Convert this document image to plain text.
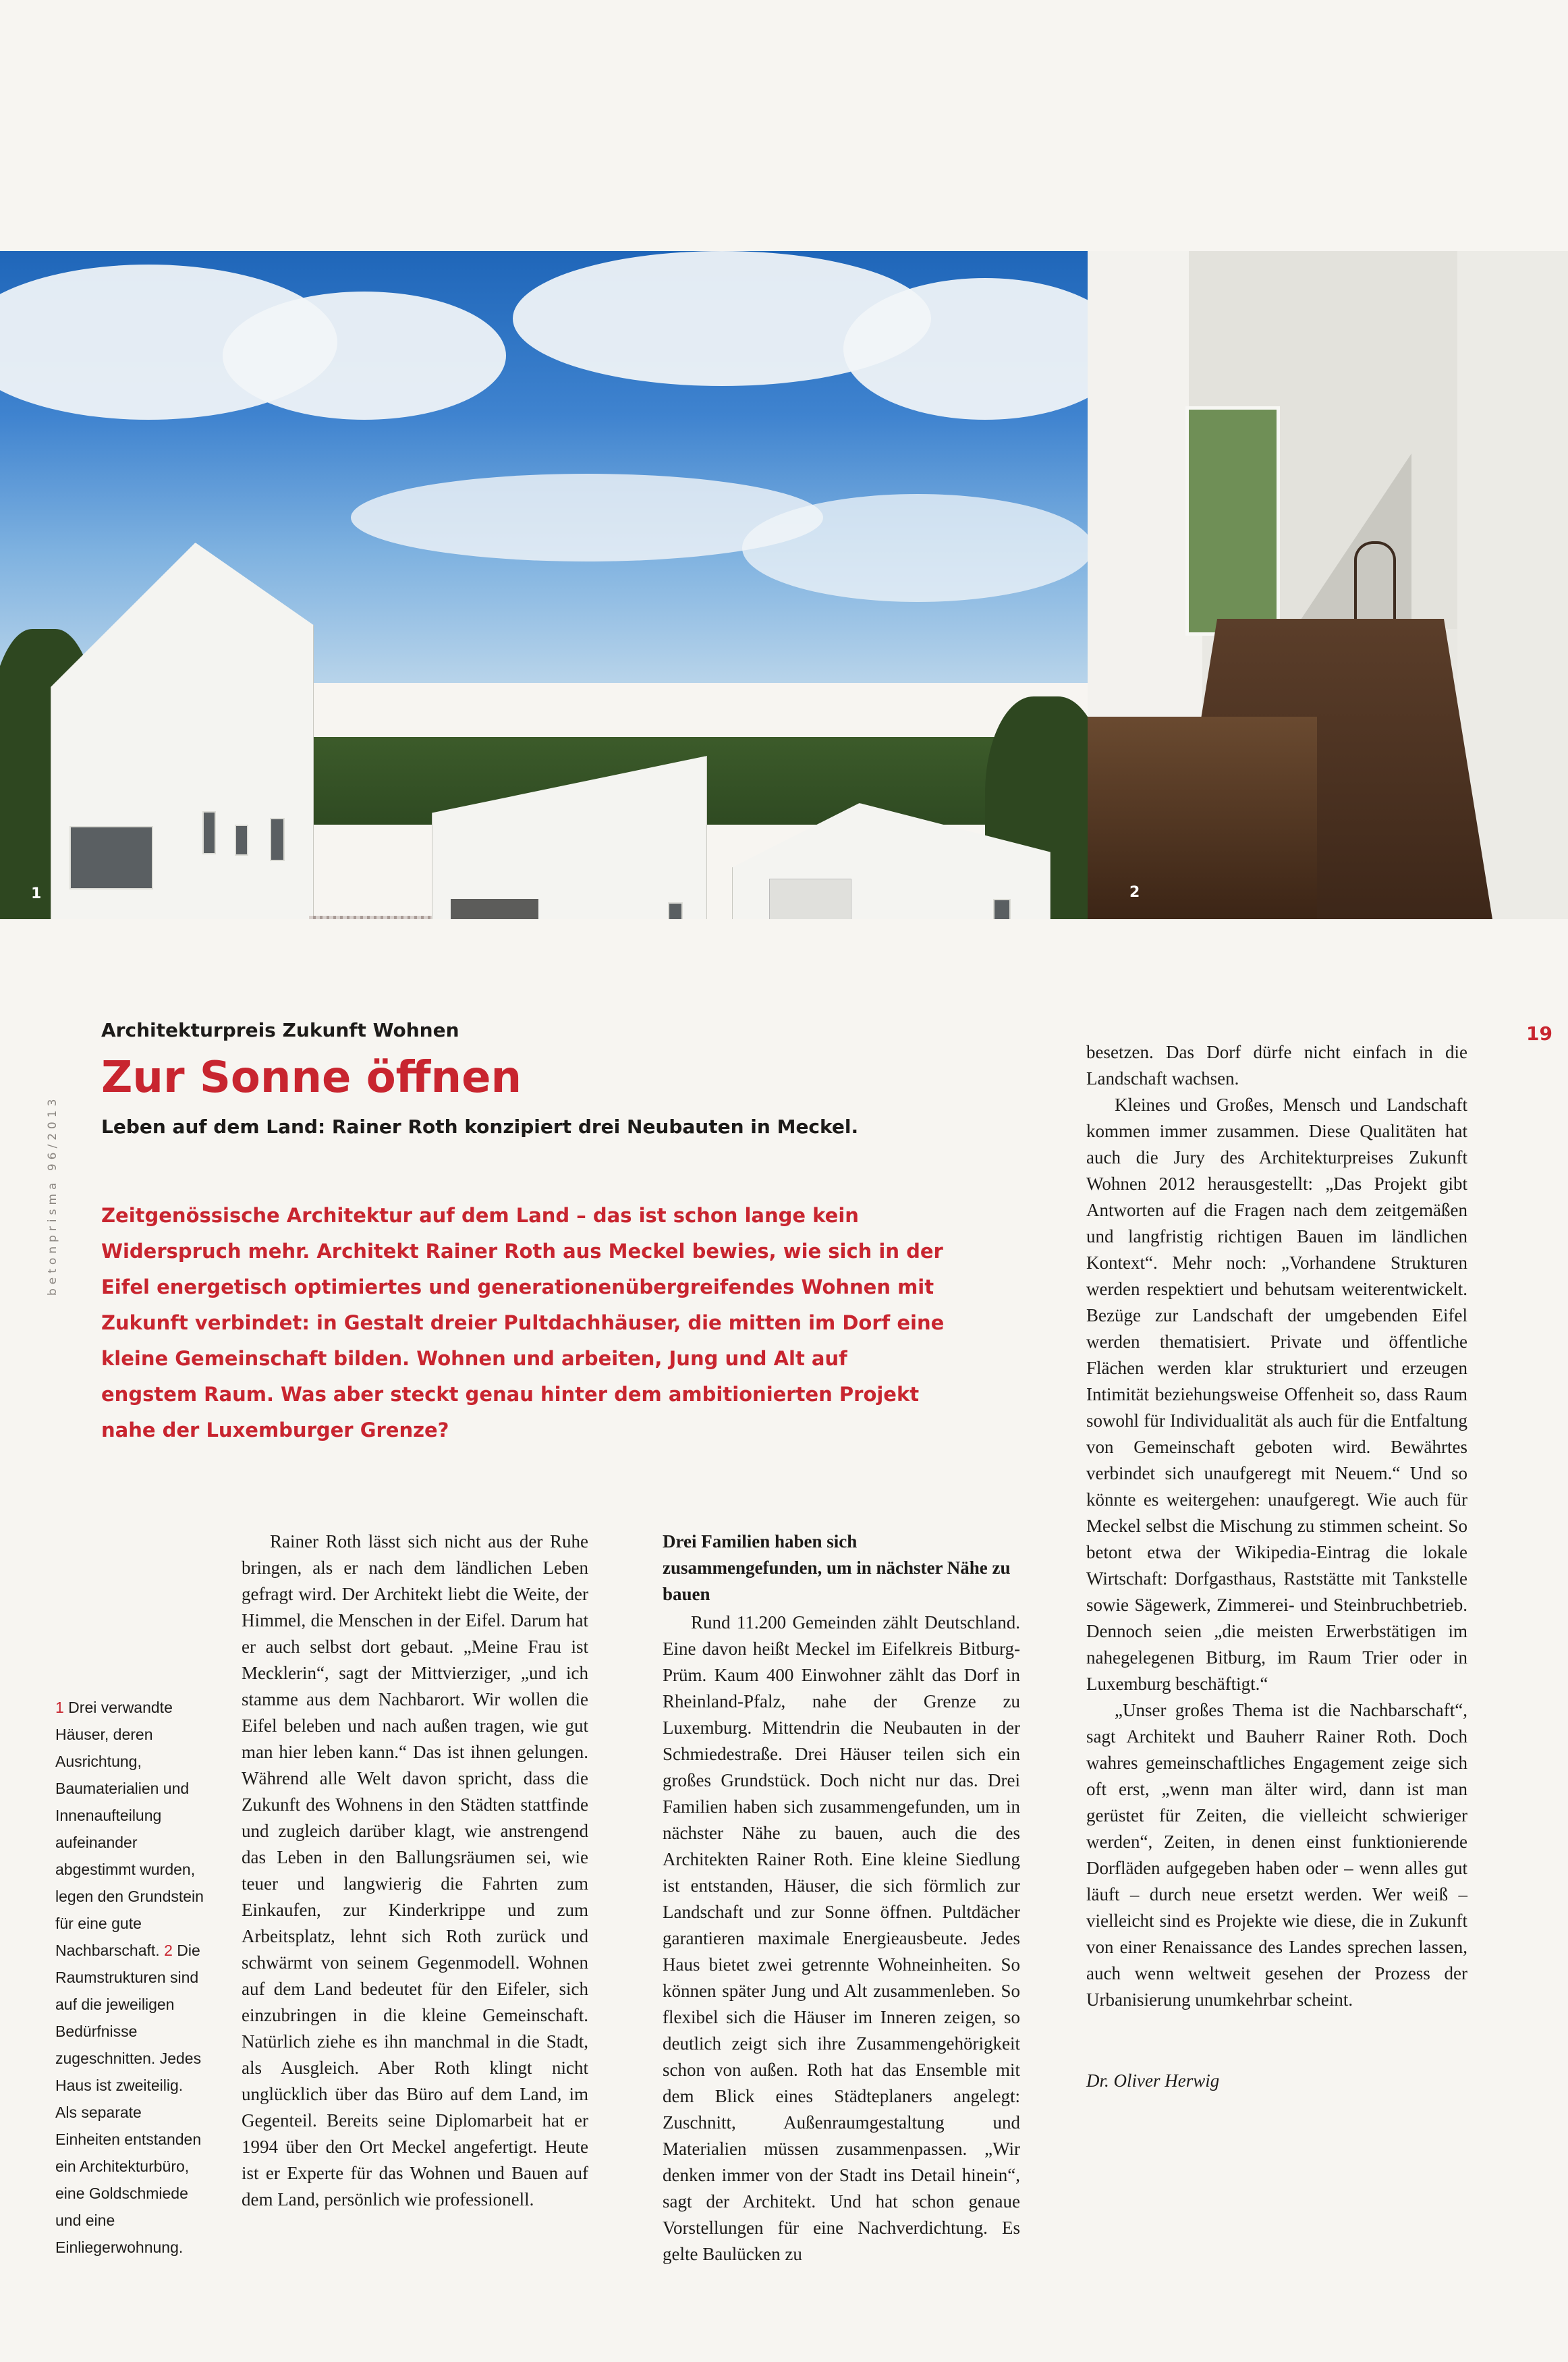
1	2
betonprisma 96/2013
19
Architekturpreis Zukunft Wohnen
Zur Sonne öffnen
Leben auf dem Land: Rainer Roth konzipiert drei Neubauten in Meckel.

Zeitgenössische Architektur auf dem Land – das ist schon lange kein Widerspruch mehr. Architekt Rainer Roth aus Meckel bewies, wie sich in der Eifel energetisch optimiertes und generationenübergreifendes Wohnen mit Zukunft verbindet: in Gestalt dreier Pultdachhäuser, die mitten im Dorf eine kleine Gemeinschaft bilden. Wohnen und arbeiten, Jung und Alt auf engstem Raum. Was aber steckt genau hinter dem ambitionierten Projekt nahe der Luxemburger Grenze?

1 Drei verwandte Häuser, deren Ausrichtung, Baumaterialien und Innenaufteilung aufeinander abgestimmt wurden, legen den Grundstein für eine gute Nachbarschaft. 2 Die Raumstrukturen sind auf die jeweiligen Bedürfnisse zugeschnitten. Jedes Haus ist zweiteilig. Als separate Einheiten entstanden ein Architekturbüro, eine Goldschmiede und eine Einliegerwohnung.

Rainer Roth lässt sich nicht aus der Ruhe bringen, als er nach dem ländlichen Leben gefragt wird. Der Architekt liebt die Weite, der Himmel, die Menschen in der Eifel. Darum hat er auch selbst dort gebaut. „Meine Frau ist Mecklerin“, sagt der Mittvierziger, „und ich stamme aus dem Nachbarort. Wir wollen die Eifel beleben und nach außen tragen, wie gut man hier leben kann.“ Das ist ihnen gelungen. Während alle Welt davon spricht, dass die Zukunft des Wohnens in den Städten stattfinde und zugleich darüber klagt, wie anstrengend das Leben in den Ballungsräumen sei, wie teuer und langwierig die Fahrten zum Einkaufen, zur Kinderkrippe und zum Arbeitsplatz, lehnt sich Roth zurück und schwärmt von seinem Gegenmodell. Wohnen auf dem Land bedeutet für den Eifeler, sich einzubringen in die kleine Gemeinschaft. Natürlich ziehe es ihn manchmal in die Stadt, als Ausgleich. Aber Roth klingt nicht unglücklich über das Büro auf dem Land, im Gegenteil. Bereits seine Diplomarbeit hat er 1994 über den Ort Meckel angefertigt. Heute ist er Experte für das Wohnen und Bauen auf dem Land, persönlich wie professionell.

Drei Familien haben sich zusammengefunden, um in nächster Nähe zu bauen

Rund 11.200 Gemeinden zählt Deutschland. Eine davon heißt Meckel im Eifelkreis Bitburg-Prüm. Kaum 400 Einwohner zählt das Dorf in Rheinland-Pfalz, nahe der Grenze zu Luxemburg. Mittendrin die Neubauten in der Schmiedestraße. Drei Häuser teilen sich ein großes Grundstück. Doch nicht nur das. Drei Familien haben sich zusammengefunden, um in nächster Nähe zu bauen, auch die des Architekten Rainer Roth. Eine kleine Siedlung ist entstanden, Häuser, die sich förmlich zur Landschaft und zur Sonne öffnen. Pultdächer garantieren maximale Energieausbeute. Jedes Haus bietet zwei getrennte Wohneinheiten. So können später Jung und Alt zusammenleben. So flexibel sich die Häuser im Inneren zeigen, so deutlich zeigt sich ihre Zusammengehörigkeit schon von außen. Roth hat das Ensemble mit dem Blick eines Städteplaners angelegt: Zuschnitt, Außenraumgestaltung und Materialien müssen zusammenpassen. „Wir denken immer von der Stadt ins Detail hinein“, sagt der Architekt. Und hat schon genaue Vorstellungen für eine Nachverdichtung. Es gelte Baulücken zu

besetzen. Das Dorf dürfe nicht einfach in die Landschaft wachsen.

Kleines und Großes, Mensch und Landschaft kommen immer zusammen. Diese Qualitäten hat auch die Jury des Architekturpreises Zukunft Wohnen 2012 herausgestellt: „Das Projekt gibt Antworten auf die Fragen nach dem zeitgemäßen und langfristig richtigen Bauen im ländlichen Kontext“. Mehr noch: „Vorhandene Strukturen werden respektiert und behutsam weiterentwickelt. Bezüge zur Landschaft der umgebenden Eifel werden thematisiert. Private und öffentliche Flächen werden klar strukturiert und erzeugen Intimität beziehungsweise Offenheit so, dass Raum sowohl für Individualität als auch für die Entfaltung von Gemeinschaft geboten wird. Bewährtes verbindet sich unaufgeregt mit Neuem.“ Und so könnte es weitergehen: unaufgeregt. Wie auch für Meckel selbst die Mischung zu stimmen scheint. So betont etwa der Wikipedia-Eintrag die lokale Wirtschaft: Dorfgasthaus, Raststätte mit Tankstelle sowie Sägewerk, Zimmerei- und Steinbruchbetrieb. Dennoch seien „die meisten Erwerbstätigen im nahegelegenen Bitburg, im Raum Trier oder in Luxemburg beschäftigt.“

„Unser großes Thema ist die Nachbarschaft“, sagt Architekt und Bauherr Rainer Roth. Doch wahres gemeinschaftliches Engagement zeige sich oft erst, „wenn man älter wird, dann ist man gerüstet für Zeiten, die vielleicht schwieriger werden“, Zeiten, in denen einst funktionierende Dorfläden aufgegeben haben oder – wenn alles gut läuft – durch neue ersetzt werden. Wer weiß – vielleicht sind es Projekte wie diese, die in Zukunft von einer Renaissance des Landes sprechen lassen, auch wenn weltweit gesehen der Prozess der Urbanisierung unumkehrbar scheint.

Dr. Oliver Herwig
